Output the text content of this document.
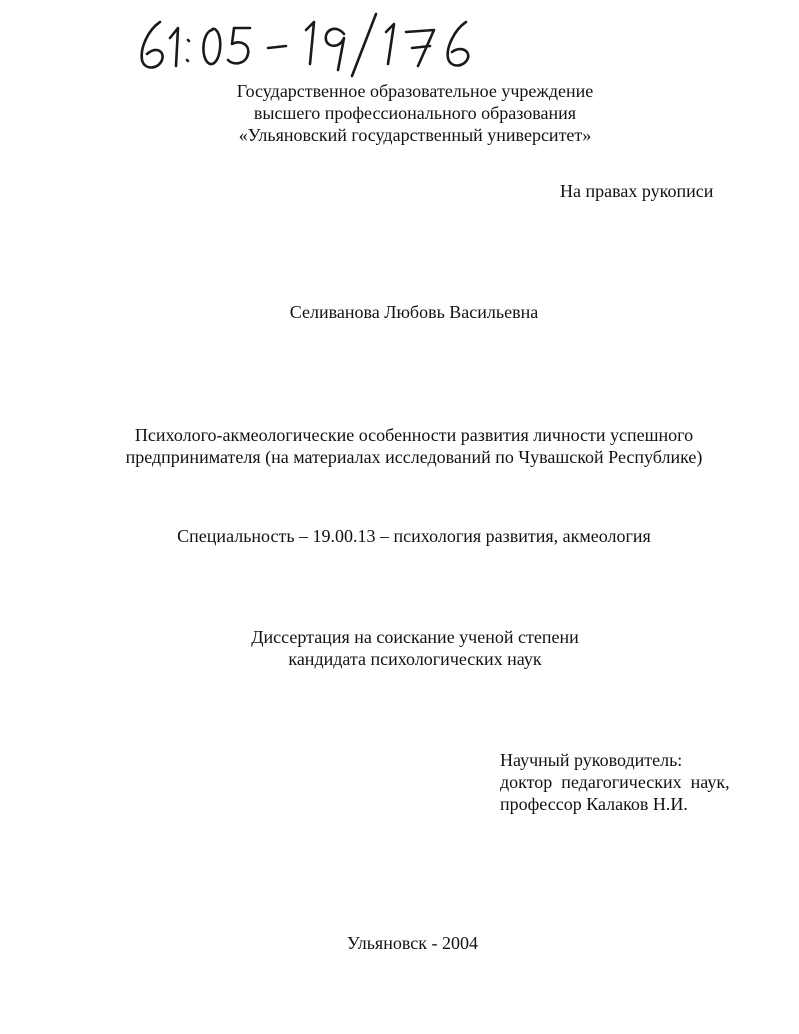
Государственное образовательное учреждение
высшего профессионального образования
«Ульяновский государственный университет»
На правах рукописи
Селиванова Любовь Васильевна
Психолого-акмеологические особенности развития личности успешного
предпринимателя (на материалах исследований по Чувашской Республике)
Специальность – 19.00.13 – психология развития, акмеология
Диссертация на соискание ученой степени
кандидата психологических наук
Научный руководитель:
доктор  педагогических  наук,
профессор Калаков Н.И.
Ульяновск - 2004
